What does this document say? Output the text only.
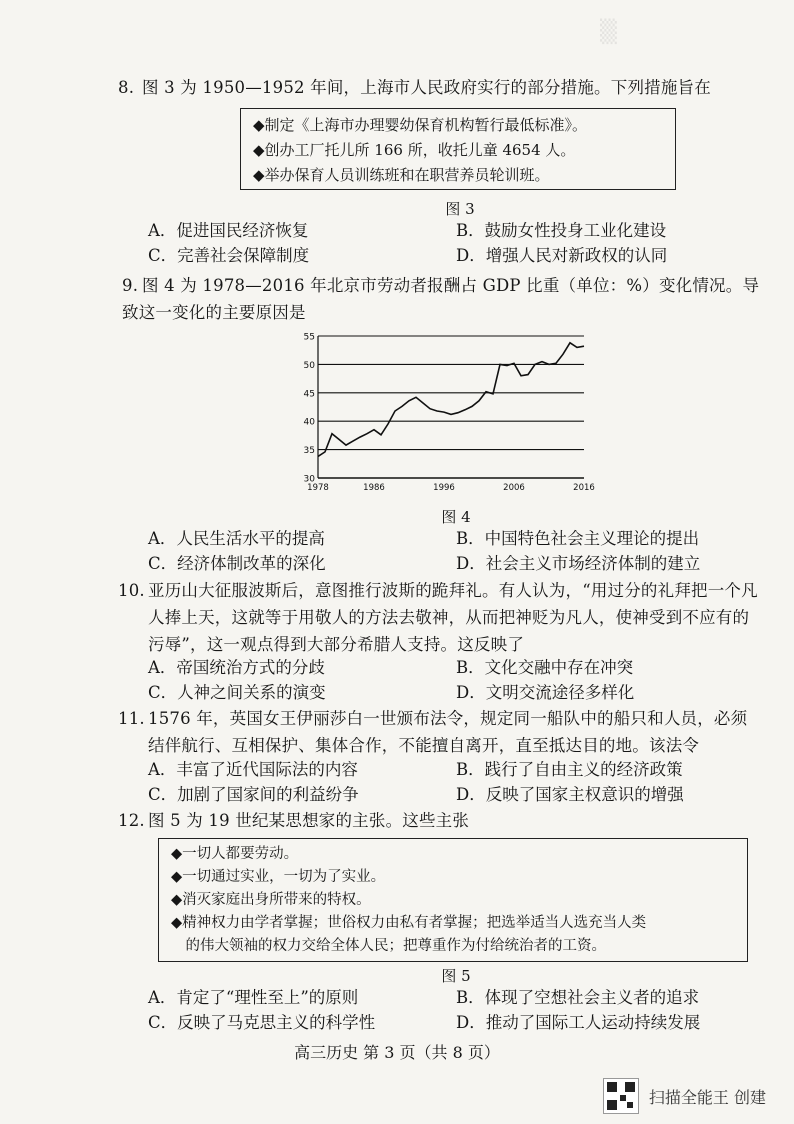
▒
8. 图 3 为 1950—1952 年间，上海市人民政府实行的部分措施。下列措施旨在
◆制定《上海市办理婴幼保育机构暂行最低标准》。
◆创办工厂托儿所 166 所，收托儿童 4654 人。
◆举办保育人员训练班和在职营养员轮训班。
图 3
A．促进国民经济恢复	B．鼓励女性投身工业化建设
C．完善社会保障制度	D．增强人民对新政权的认同
9. 图 4 为 1978—2016 年北京市劳动者报酬占 GDP 比重（单位：%）变化情况。导致这一变化的主要原因是
30
35
40
45
50
55
1978	1986	1996	2006	2016
图 4
A．人民生活水平的提高	B．中国特色社会主义理论的提出
C．经济体制改革的深化	D．社会主义市场经济体制的建立
10. 亚历山大征服波斯后，意图推行波斯的跪拜礼。有人认为，“用过分的礼拜把一个凡人捧上天，这就等于用敬人的方法去敬神，从而把神贬为凡人，使神受到不应有的污辱”，这一观点得到大部分希腊人支持。这反映了
A．帝国统治方式的分歧	B．文化交融中存在冲突
C．人神之间关系的演变	D．文明交流途径多样化
11. 1576 年，英国女王伊丽莎白一世颁布法令，规定同一船队中的船只和人员，必须结伴航行、互相保护、集体合作，不能擅自离开，直至抵达目的地。该法令
A．丰富了近代国际法的内容	B．践行了自由主义的经济政策
C．加剧了国家间的利益纷争	D．反映了国家主权意识的增强
12. 图 5 为 19 世纪某思想家的主张。这些主张
◆一切人都要劳动。
◆一切通过实业，一切为了实业。
◆消灭家庭出身所带来的特权。
◆精神权力由学者掌握；世俗权力由私有者掌握；把选举适当人选充当人类
　的伟大领袖的权力交给全体人民；把尊重作为付给统治者的工资。
图 5
A．肯定了“理性至上”的原则	B．体现了空想社会主义者的追求
C．反映了马克思主义的科学性	D．推动了国际工人运动持续发展
高三历史 第 3 页（共 8 页）
扫描全能王 创建
